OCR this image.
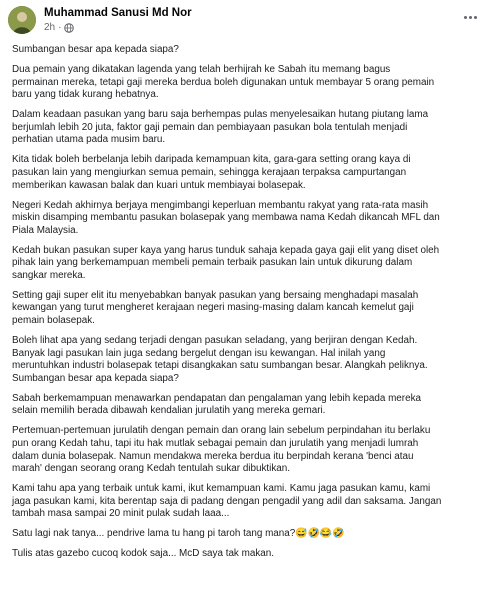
Muhammad Sanusi Md Nor
2h ·
Sumbangan besar apa kepada siapa?
Dua pemain yang dikatakan lagenda yang telah berhijrah ke Sabah itu memang bagus
permainan mereka, tetapi gaji mereka berdua boleh digunakan untuk membayar 5 orang pemain
baru yang tidak kurang hebatnya.
Dalam keadaan pasukan yang baru saja berhempas pulas menyelesaikan hutang piutang lama
berjumlah lebih 20 juta, faktor gaji pemain dan pembiayaan pasukan bola tentulah menjadi
perhatian utama pada musim baru.
Kita tidak boleh berbelanja lebih daripada kemampuan kita, gara-gara setting orang kaya di
pasukan lain yang mengiurkan semua pemain, sehingga kerajaan terpaksa campurtangan
memberikan kawasan balak dan kuari untuk membiayai bolasepak.
Negeri Kedah akhirnya berjaya mengimbangi keperluan membantu rakyat yang rata-rata masih
miskin disamping membantu pasukan bolasepak yang membawa nama Kedah dikancah MFL dan
Piala Malaysia.
Kedah bukan pasukan super kaya yang harus tunduk sahaja kepada gaya gaji elit yang diset oleh
pihak lain yang berkemampuan membeli pemain terbaik pasukan lain untuk dikurung dalam
sangkar mereka.
Setting gaji super elit itu menyebabkan banyak pasukan yang bersaing menghadapi masalah
kewangan yang turut mengheret kerajaan negeri masing-masing dalam kancah kemelut gaji
pemain bolasepak.
Boleh lihat apa yang sedang terjadi dengan pasukan seladang, yang berjiran dengan Kedah.
Banyak lagi pasukan lain juga sedang bergelut dengan isu kewangan. Hal inilah yang
meruntuhkan industri bolasepak tetapi disangkakan satu sumbangan besar. Alangkah peliknya.
Sumbangan besar apa kepada siapa?
Sabah berkemampuan menawarkan pendapatan dan pengalaman yang lebih kepada mereka
selain memilih berada dibawah kendalian jurulatih yang mereka gemari.
Pertemuan-pertemuan jurulatih dengan pemain dan orang lain sebelum perpindahan itu berlaku
pun orang Kedah tahu, tapi itu hak mutlak sebagai pemain dan jurulatih yang menjadi lumrah
dalam dunia bolasepak. Namun mendakwa mereka berdua itu berpindah kerana 'benci atau
marah' dengan seorang orang Kedah tentulah sukar dibuktikan.
Kami tahu apa yang terbaik untuk kami, ikut kemampuan kami. Kamu jaga pasukan kamu, kami
jaga pasukan kami, kita berentap saja di padang dengan pengadil yang adil dan saksama. Jangan
tambah masa sampai 20 minit pulak sudah laaa...
Satu lagi nak tanya... pendrive lama tu hang pi taroh tang mana?😅🤣😂🤣
Tulis atas gazebo cucoq kodok saja... McD saya tak makan.
